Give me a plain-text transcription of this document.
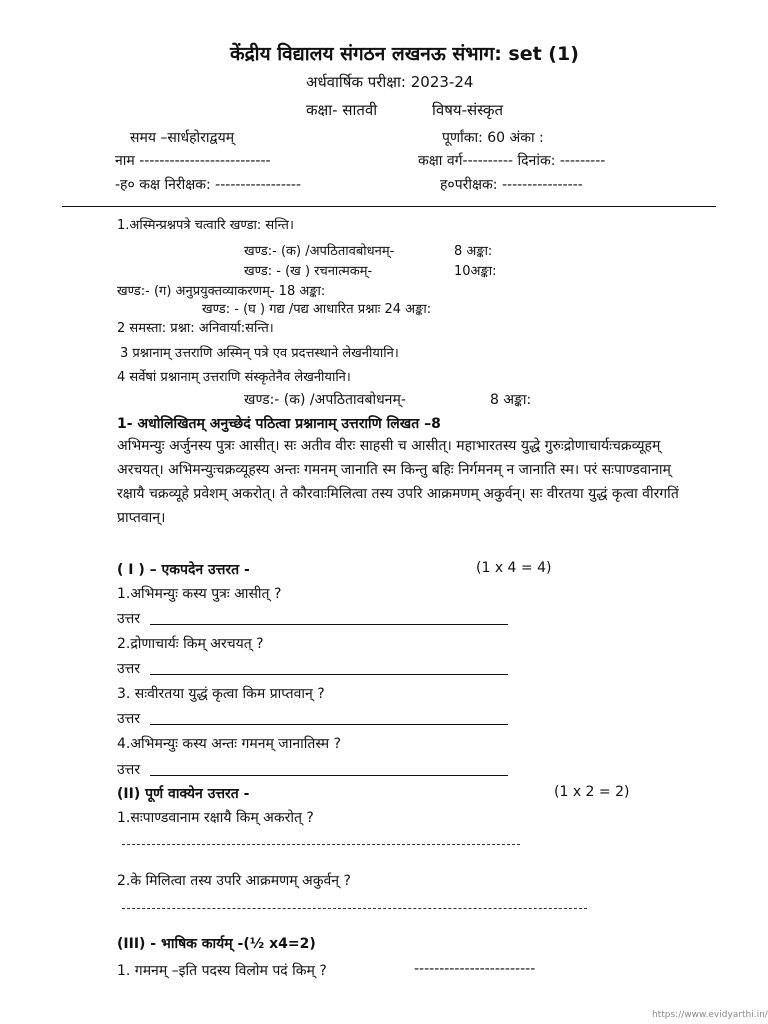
केंद्रीय विद्यालय संगठन लखनऊ संभाग: set (1)

अर्धवार्षिक परीक्षा: 2023-24

कक्षा- सातवी	विषय-संस्कृत

समय –सार्धहोराद्वयम्	पूर्णांका: 60 अंका :

नाम --------------------------	कक्षा वर्ग---------- दिनांक: ---------

-ह० कक्ष निरीक्षक: -----------------	ह०परीक्षक: ----------------

1.अस्मिन्प्रश्नपत्रे चत्वारि खण्डा: सन्ति।

खण्ड:- (क) /अपठितावबोधनम्-	8 अङ्का:

खण्ड: - (ख ) रचनात्मकम्-	10अङ्का:

खण्ड:- (ग) अनुप्रयुक्तव्याकरणम्- 18 अङ्का:

खण्ड: - (घ ) गद्य /पद्य आधारित प्रश्नाः 24 अङ्का:

2 समस्ता: प्रश्ना: अनिवार्या:सन्ति।

3 प्रश्नानाम् उत्तराणि अस्मिन् पत्रे एव प्रदत्तस्थाने लेखनीयानि।

4 सर्वेषां प्रश्नानाम् उत्तराणि संस्कृतेनैव लेखनीयानि।

खण्ड:- (क) /अपठितावबोधनम्-	8 अङ्का:

1- अधोलिखितम् अनुच्छेदं पठित्वा प्रश्नानाम् उत्तराणि लिखत –8

अभिमन्युः अर्जुनस्य पुत्रः आसीत्। सः अतीव वीरः साहसी च आसीत्। महाभारतस्य युद्धे गुरुःद्रोणाचार्यःचक्रव्यूहम्
अरचयत्। अभिमन्युःचक्रव्यूहस्य अन्तः गमनम् जानाति स्म किन्तु बहिः निर्गमनम् न जानाति स्म। परं सःपाण्डवानाम्
रक्षायै चक्रव्यूहे प्रवेशम् अकरोत्। ते कौरवाःमिलित्वा तस्य उपरि आक्रमणम् अकुर्वन्। सः वीरतया युद्धं कृत्वा वीरगतिं
प्राप्तवान्।

( I ) – एकपदेन उत्तरत -	(1 x 4 = 4)

1.अभिमन्युः कस्य पुत्रः आसीत् ?

उत्तर

2.द्रोणाचार्यः किम् अरचयत् ?

उत्तर

3. सःवीरतया युद्धं कृत्वा किम प्राप्तवान् ?

उत्तर

4.अभिमन्युः कस्य अन्तः गमनम् जानातिस्म ?

उत्तर

(II) पूर्ण वाक्येन उत्तरत -	(1 x 2 = 2)

1.सःपाण्डवानाम रक्षायै किम् अकरोत् ?

2.के मिलित्वा तस्य उपरि आक्रमणम् अकुर्वन् ?

(III) - भाषिक कार्यम् -(½ x4=2)

1. गमनम् –इति पदस्य विलोम पदं किम् ?	------------------------

https://www.evidyarthi.in/
